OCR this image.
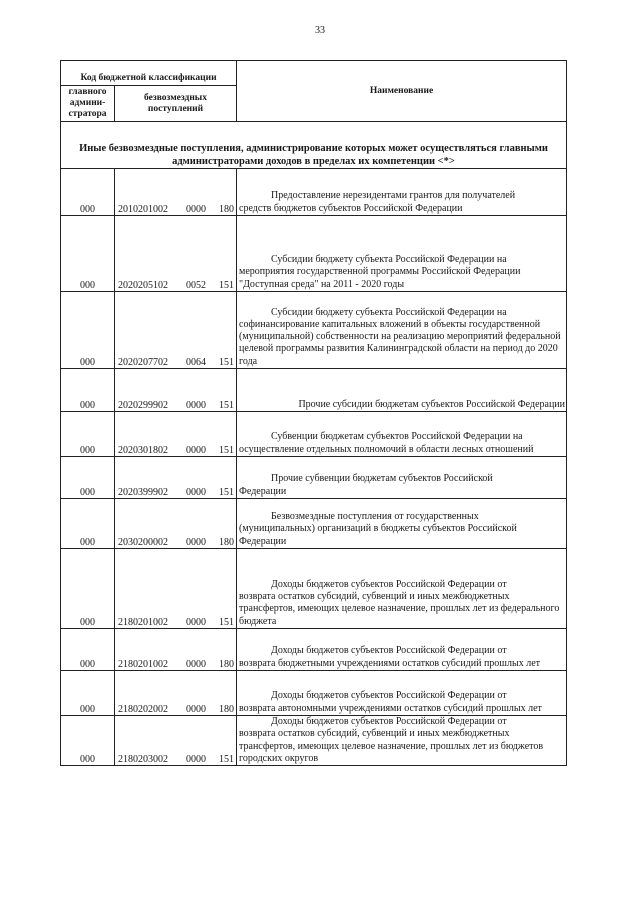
33
Код бюджетной классификации		Наименование
главного админи- стратора	безвозмездных поступлений	
Иные безвозмездные поступления, администрирование которых может осуществляться главными администраторами доходов в пределах их компетенции <*>		
000	2010201002 0000 180	Предоставление нерезидентами грантов для получателей
средств бюджетов субъектов Российской Федерации

000	2020205102 0052 151	Субсидии бюджету субъекта Российской Федерации на
мероприятия государственной программы Российской Федерации "Доступная среда" на 2011 - 2020 годы

000	2020207702 0064 151	Субсидии бюджету субъекта Российской Федерации на
софинансирование капитальных вложений в объекты государственной (муниципальной) собственности на реализацию мероприятий федеральной целевой программы развития Калининградской области на период до 2020 года

000	2020299902 0000 151	Прочие субсидии бюджетам субъектов Российской Федерации

000	2020301802 0000 151	Субвенции бюджетам субъектов Российской Федерации на
осуществление отдельных полномочий в области лесных отношений

000	2020399902 0000 151	Прочие субвенции бюджетам субъектов Российской
Федерации

000	2030200002 0000 180	Безвозмездные поступления от государственных
(муниципальных) организаций в бюджеты субъектов Российской Федерации

000	2180201002 0000 151	Доходы бюджетов субъектов Российской Федерации от
возврата остатков субсидий, субвенций и иных межбюджетных трансфертов, имеющих целевое назначение, прошлых лет из федерального бюджета

000	2180201002 0000 180	Доходы бюджетов субъектов Российской Федерации от
возврата бюджетными учреждениями остатков субсидий прошлых лет

000	2180202002 0000 180	Доходы бюджетов субъектов Российской Федерации от
возврата автономными учреждениями остатков субсидий прошлых лет

000	2180203002 0000 151	Доходы бюджетов субъектов Российской Федерации от
возврата остатков субсидий, субвенций и иных межбюджетных трансфертов, имеющих целевое назначение, прошлых лет из бюджетов городских округов
